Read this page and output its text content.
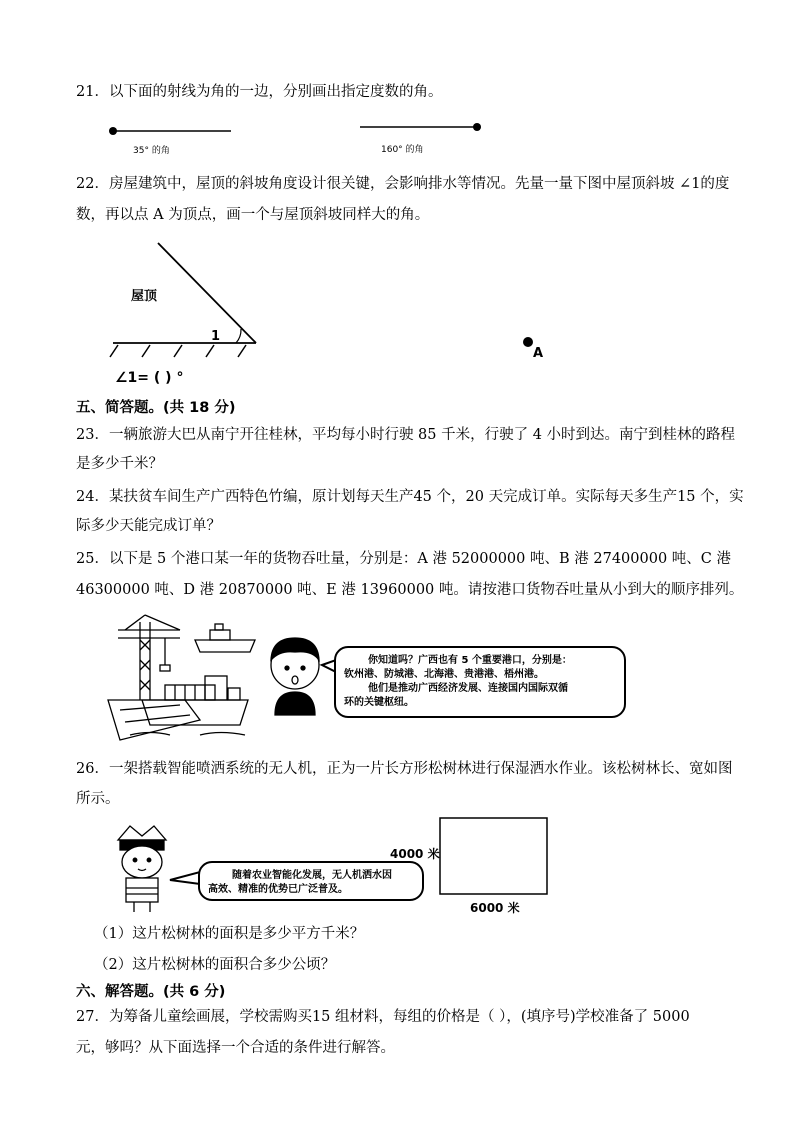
21．以下面的射线为角的一边，分别画出指定度数的角。
35° 的角	160° 的角
22．房屋建筑中，屋顶的斜坡角度设计很关键，会影响排水等情况。先量一量下图中屋顶斜坡 ∠1的度
数，再以点 A 为顶点，画一个与屋顶斜坡同样大的角。
屋顶
1
∠1= ( ) °
A
五、简答题。(共 18 分)
23．一辆旅游大巴从南宁开往桂林，平均每小时行驶 85 千米，行驶了 4 小时到达。南宁到桂林的路程
是多少千米？
24．某扶贫车间生产广西特色竹编，原计划每天生产45 个，20 天完成订单。实际每天多生产15 个，实
际多少天能完成订单？
25．以下是 5 个港口某一年的货物吞吐量，分别是：A 港 52000000 吨、B 港 27400000 吨、C 港
46300000 吨、D 港 20870000 吨、E 港 13960000 吨。请按港口货物吞吐量从小到大的顺序排列。
你知道吗？广西也有 5 个重要港口，分别是：
钦州港、防城港、北海港、贵港港、梧州港。
他们是推动广西经济发展、连接国内国际双循
环的关键枢纽。
26．一架搭载智能喷洒系统的无人机，正为一片长方形松树林进行保湿洒水作业。该松树林长、宽如图
所示。
随着农业智能化发展，无人机洒水因
高效、精准的优势已广泛普及。
4000 米
6000 米
（1）这片松树林的面积是多少平方千米？
（2）这片松树林的面积合多少公顷？
六、解答题。(共 6 分)
27．为筹备儿童绘画展，学校需购买15 组材料，每组的价格是（ ），(填序号)学校准备了 5000
元，够吗？从下面选择一个合适的条件进行解答。
